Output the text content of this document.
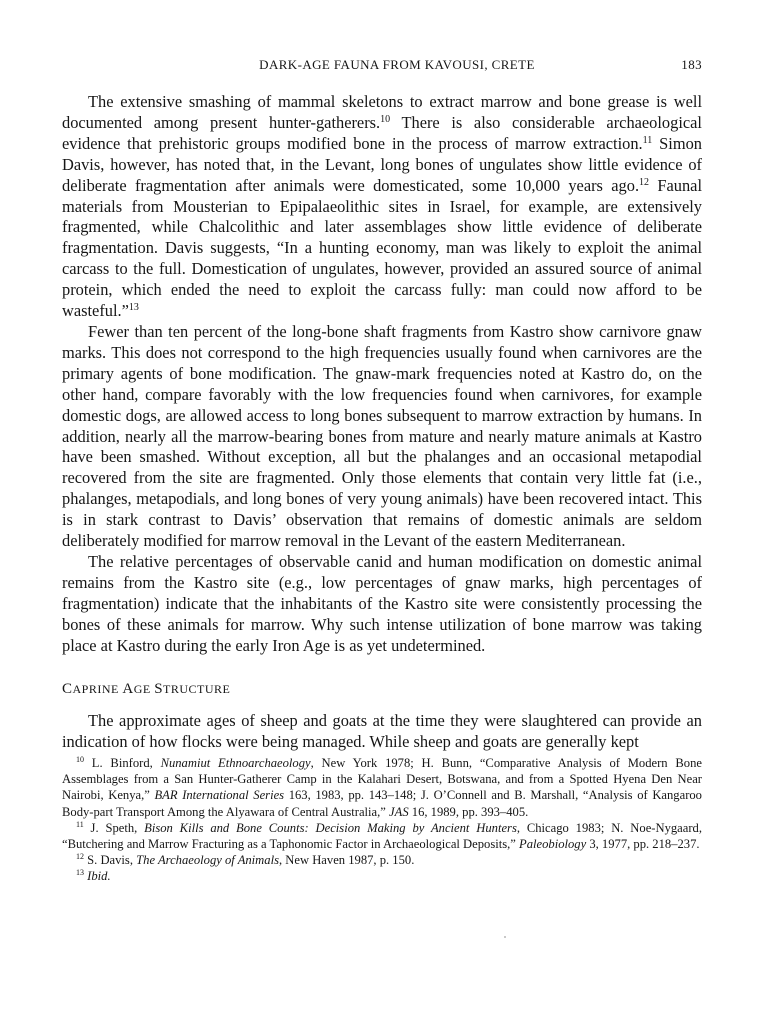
DARK-AGE FAUNA FROM KAVOUSI, CRETE	183

The extensive smashing of mammal skeletons to extract marrow and bone grease is well documented among present hunter-gatherers.$^{10}$ There is also considerable archaeological evidence that prehistoric groups modified bone in the process of marrow extraction.$^{11}$ Simon Davis, however, has noted that, in the Levant, long bones of ungulates show little evidence of deliberate fragmentation after animals were domesticated, some 10,000 years ago.$^{12}$ Faunal materials from Mousterian to Epipalaeolithic sites in Israel, for example, are extensively fragmented, while Chalcolithic and later assemblages show little evidence of deliberate fragmentation. Davis suggests, “In a hunting economy, man was likely to exploit the animal carcass to the full. Domestication of ungulates, however, provided an assured source of animal protein, which ended the need to exploit the carcass fully: man could now afford to be wasteful.”$^{13}$

Fewer than ten percent of the long-bone shaft fragments from Kastro show carnivore gnaw marks. This does not correspond to the high frequencies usually found when carnivores are the primary agents of bone modification. The gnaw-mark frequencies noted at Kastro do, on the other hand, compare favorably with the low frequencies found when carnivores, for example domestic dogs, are allowed access to long bones subsequent to marrow extraction by humans. In addition, nearly all the marrow-bearing bones from mature and nearly mature animals at Kastro have been smashed. Without exception, all but the phalanges and an occasional metapodial recovered from the site are fragmented. Only those elements that contain very little fat (i.e., phalanges, metapodials, and long bones of very young animals) have been recovered intact. This is in stark contrast to Davis’ observation that remains of domestic animals are seldom deliberately modified for marrow removal in the Levant of the eastern Mediterranean.

The relative percentages of observable canid and human modification on domestic animal remains from the Kastro site (e.g., low percentages of gnaw marks, high percentages of fragmentation) indicate that the inhabitants of the Kastro site were consistently processing the bones of these animals for marrow. Why such intense utilization of bone marrow was taking place at Kastro during the early Iron Age is as yet undetermined.

CAPRINE AGE STRUCTURE

The approximate ages of sheep and goats at the time they were slaughtered can provide an indication of how flocks were being managed. While sheep and goats are generally kept

$^{10}$ L. Binford, Nunamiut Ethnoarchaeology, New York 1978; H. Bunn, “Comparative Analysis of Modern Bone Assemblages from a San Hunter-Gatherer Camp in the Kalahari Desert, Botswana, and from a Spotted Hyena Den Near Nairobi, Kenya,” BAR International Series 163, 1983, pp. 143–148; J. O’Connell and B. Marshall, “Analysis of Kangaroo Body-part Transport Among the Alyawara of Central Australia,” JAS 16, 1989, pp. 393–405.

$^{11}$ J. Speth, Bison Kills and Bone Counts: Decision Making by Ancient Hunters, Chicago 1983; N. Noe-Nygaard, “Butchering and Marrow Fracturing as a Taphonomic Factor in Archaeological Deposits,” Paleobiology 3, 1977, pp. 218–237.

$^{12}$ S. Davis, The Archaeology of Animals, New Haven 1987, p. 150.

$^{13}$ Ibid.
